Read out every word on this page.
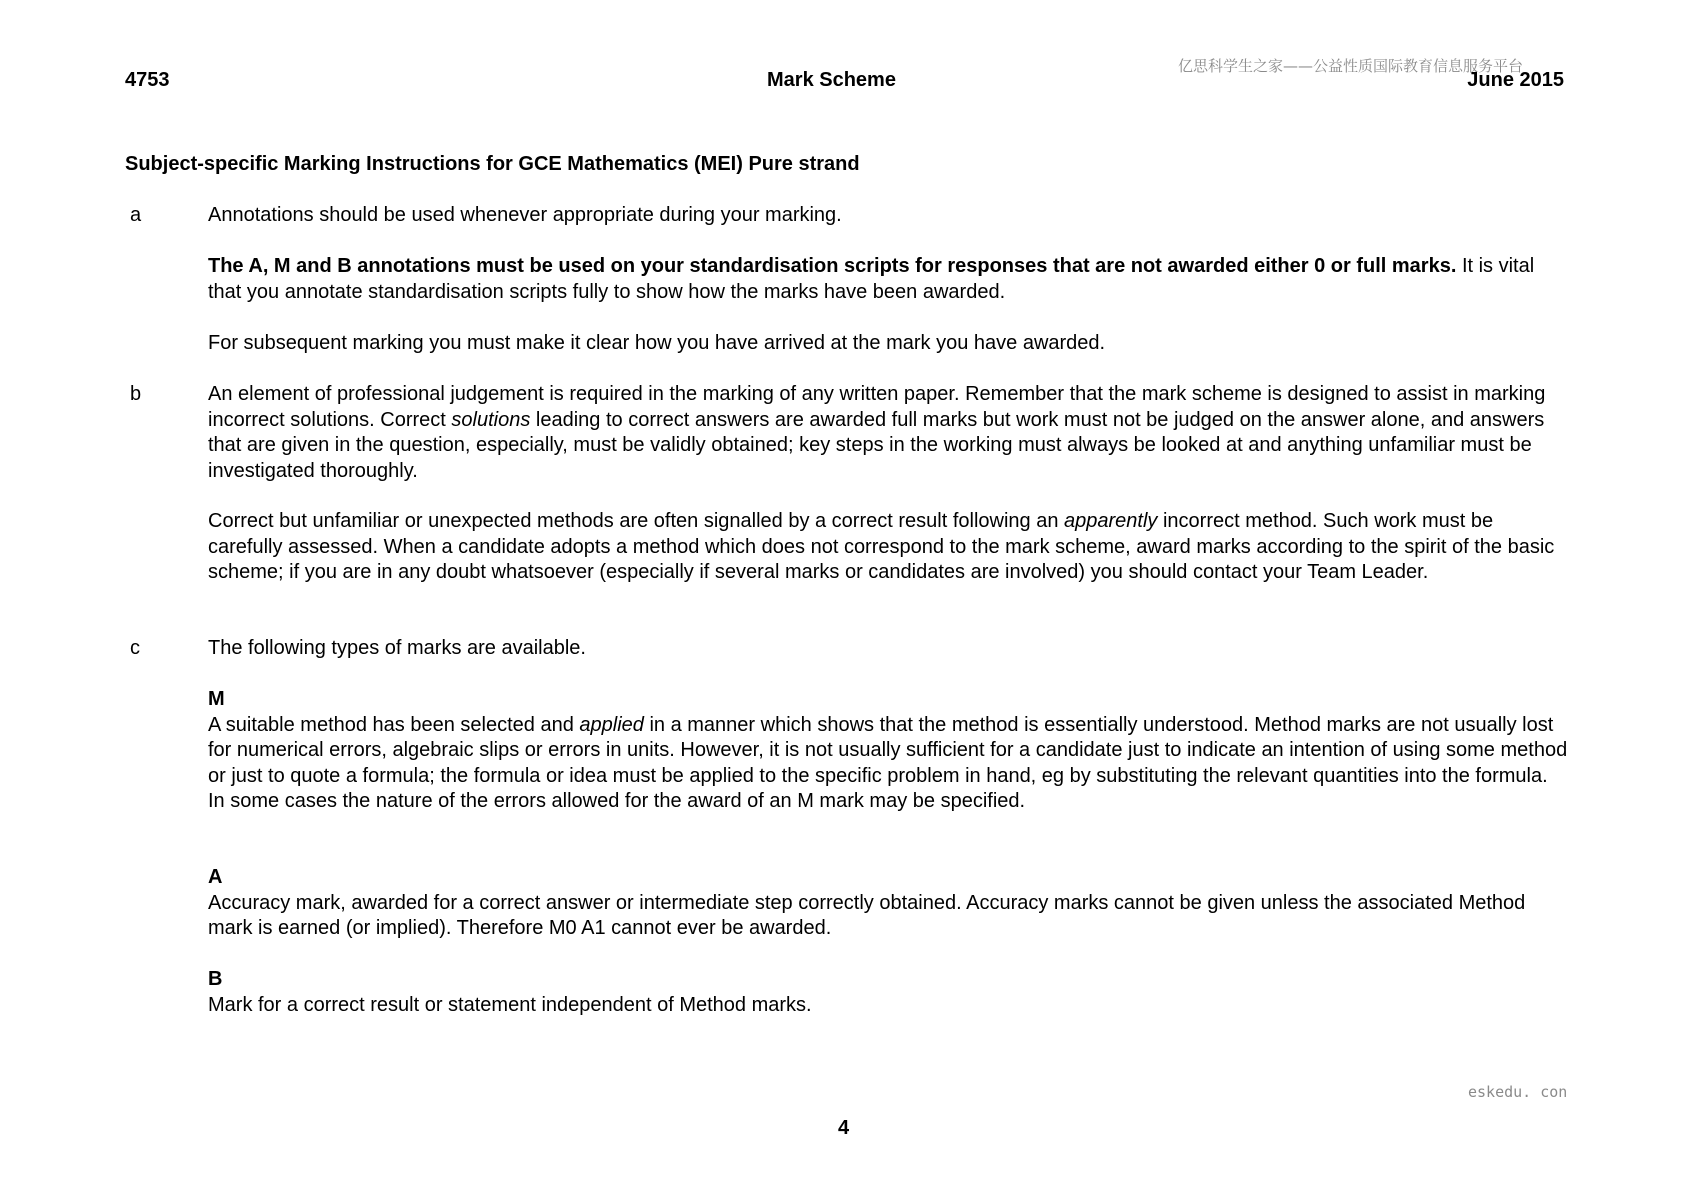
亿思科学生之家——公益性质国际教育信息服务平台
4753	Mark Scheme	June 2015
Subject-specific Marking Instructions for GCE Mathematics (MEI) Pure strand
a	Annotations should be used whenever appropriate during your marking.
The A, M and B annotations must be used on your standardisation scripts for responses that are not awarded either 0 or full marks. It is vital that you annotate standardisation scripts fully to show how the marks have been awarded.
For subsequent marking you must make it clear how you have arrived at the mark you have awarded.
b	An element of professional judgement is required in the marking of any written paper. Remember that the mark scheme is designed to assist in marking incorrect solutions. Correct solutions leading to correct answers are awarded full marks but work must not be judged on the answer alone, and answers that are given in the question, especially, must be validly obtained; key steps in the working must always be looked at and anything unfamiliar must be investigated thoroughly.
Correct but unfamiliar or unexpected methods are often signalled by a correct result following an apparently incorrect method. Such work must be carefully assessed. When a candidate adopts a method which does not correspond to the mark scheme, award marks according to the spirit of the basic scheme; if you are in any doubt whatsoever (especially if several marks or candidates are involved) you should contact your Team Leader.
c	The following types of marks are available.
M
A suitable method has been selected and applied in a manner which shows that the method is essentially understood. Method marks are not usually lost for numerical errors, algebraic slips or errors in units. However, it is not usually sufficient for a candidate just to indicate an intention of using some method or just to quote a formula; the formula or idea must be applied to the specific problem in hand, eg by substituting the relevant quantities into the formula. In some cases the nature of the errors allowed for the award of an M mark may be specified.
A
Accuracy mark, awarded for a correct answer or intermediate step correctly obtained. Accuracy marks cannot be given unless the associated Method mark is earned (or implied). Therefore M0 A1 cannot ever be awarded.
B
Mark for a correct result or statement independent of Method marks.
eskedu. con
4
